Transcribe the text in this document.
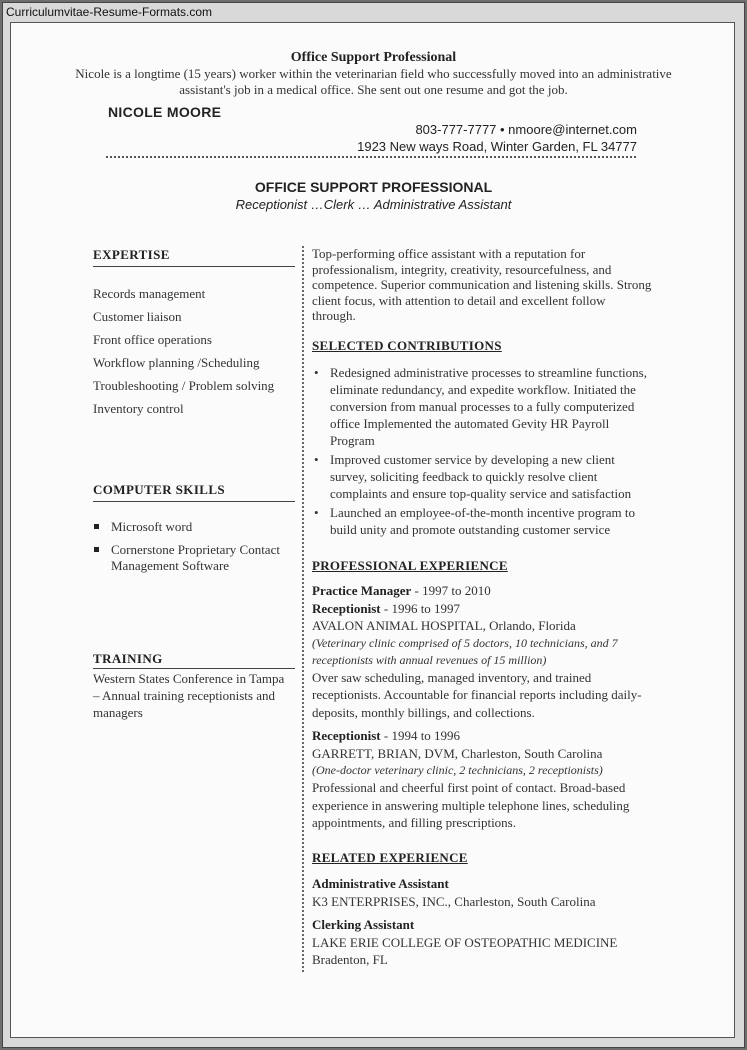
Curriculumvitae-Resume-Formats.com
Office Support Professional
Nicole is a longtime (15 years) worker within the veterinarian field who successfully moved into an administrative assistant's job in a medical office. She sent out one resume and got the job.
NICOLE MOORE
803-777-7777 • nmoore@internet.com
1923 New ways Road, Winter Garden, FL 34777
OFFICE SUPPORT PROFESSIONAL
Receptionist …Clerk … Administrative Assistant
EXPERTISE
Records management
Customer liaison
Front office operations
Workflow planning /Scheduling
Troubleshooting / Problem solving
Inventory control
COMPUTER SKILLS
Microsoft word
Cornerstone Proprietary Contact Management Software
TRAINING
Western States Conference in Tampa – Annual training receptionists and managers
Top-performing office assistant with a reputation for professionalism, integrity, creativity, resourcefulness, and competence. Superior communication and listening skills. Strong client focus, with attention to detail and excellent follow through.
SELECTED CONTRIBUTIONS
• Redesigned administrative processes to streamline functions, eliminate redundancy, and expedite workflow. Initiated the conversion from manual processes to a fully computerized office Implemented the automated Gevity HR Payroll Program
• Improved customer service by developing a new client survey, soliciting feedback to quickly resolve client complaints and ensure top-quality service and satisfaction
• Launched an employee-of-the-month incentive program to build unity and promote outstanding customer service
PROFESSIONAL EXPERIENCE
Practice Manager - 1997 to 2010
Receptionist - 1996 to 1997
AVALON ANIMAL HOSPITAL, Orlando, Florida
(Veterinary clinic comprised of 5 doctors, 10 technicians, and 7 receptionists with annual revenues of 15 million)
Over saw scheduling, managed inventory, and trained receptionists. Accountable for financial reports including daily-deposits, monthly billings, and collections.
Receptionist - 1994 to 1996
GARRETT, BRIAN, DVM, Charleston, South Carolina
(One-doctor veterinary clinic, 2 technicians, 2 receptionists)
Professional and cheerful first point of contact. Broad-based experience in answering multiple telephone lines, scheduling appointments, and filling prescriptions.
RELATED EXPERIENCE
Administrative Assistant
K3 ENTERPRISES, INC., Charleston, South Carolina
Clerking Assistant
LAKE ERIE COLLEGE OF OSTEOPATHIC MEDICINE
Bradenton, FL
